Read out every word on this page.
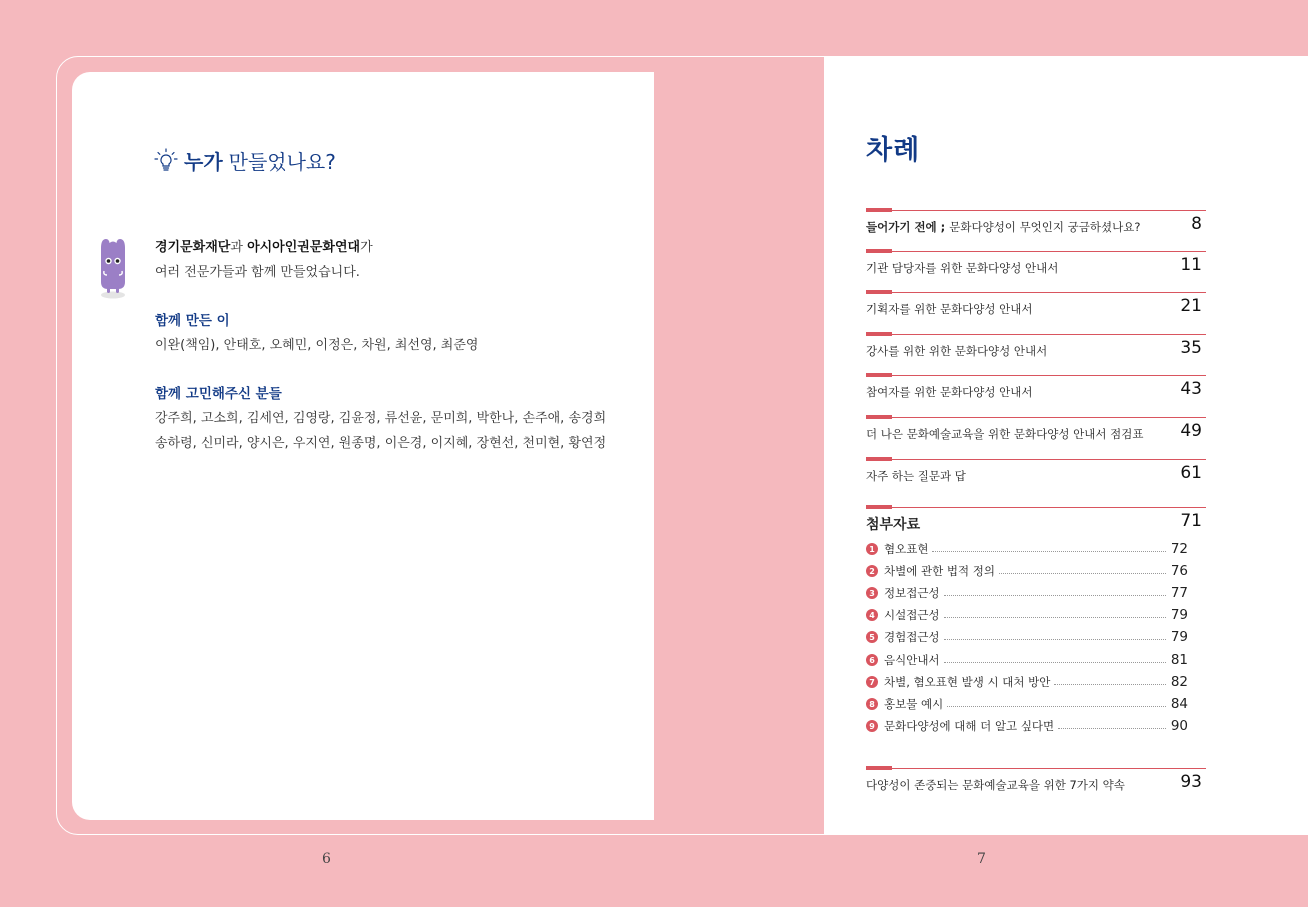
누가 만들었나요?
경기문화재단과 아시아인권문화연대가
여러 전문가들과 함께 만들었습니다.
함께 만든 이
이완(책임), 안태호, 오혜민, 이정은, 차원, 최선영, 최준영
함께 고민해주신 분들
강주희, 고소희, 김세연, 김영랑, 김윤정, 류선윤, 문미희, 박한나, 손주애, 송경희
송하령, 신미라, 양시은, 우지연, 원종명, 이은경, 이지혜, 장현선, 천미현, 황연정
6
차례
들어가기 전에 ; 문화다양성이 무엇인지 궁금하셨나요?	8
기관 담당자를 위한 문화다양성 안내서	11
기획자를 위한 문화다양성 안내서	21
강사를 위한 위한 문화다양성 안내서	35
참여자를 위한 문화다양성 안내서	43
더 나은 문화예술교육을 위한 문화다양성 안내서 점검표 49
자주 하는 질문과 답	61
첨부자료	71
1 혐오표현	72
2 차별에 관한 법적 정의	76
3 정보접근성	77
4 시설접근성	79
5 경험접근성	79
6 음식안내서	81
7 차별, 혐오표현 발생 시 대처 방안	82
8 홍보물 예시	84
9 문화다양성에 대해 더 알고 싶다면	90
다양성이 존중되는 문화예술교육을 위한 7가지 약속	93
7
